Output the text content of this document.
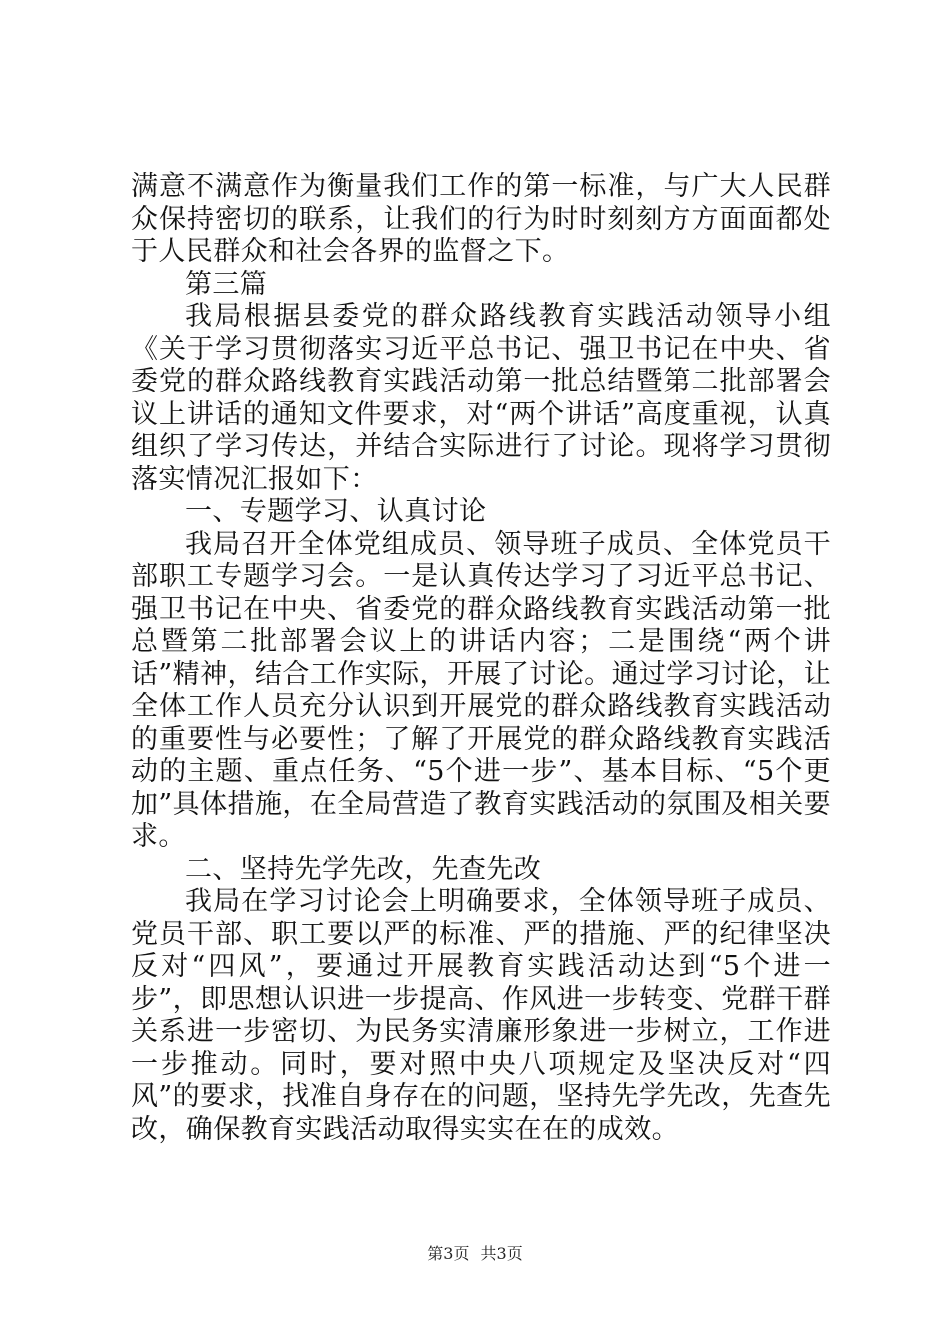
满意不满意作为衡量我们工作的第一标准，与广大人民群众保持密切的联系，让我们的行为时时刻刻方方面面都处于人民群众和社会各界的监督之下。

第三篇

我局根据县委党的群众路线教育实践活动领导小组《关于学习贯彻落实习近平总书记、强卫书记在中央、省委党的群众路线教育实践活动第一批总结暨第二批部署会议上讲话的通知文件要求，对“两个讲话”高度重视，认真组织了学习传达，并结合实际进行了讨论。现将学习贯彻落实情况汇报如下：

一、专题学习、认真讨论

我局召开全体党组成员、领导班子成员、全体党员干部职工专题学习会。一是认真传达学习了习近平总书记、强卫书记在中央、省委党的群众路线教育实践活动第一批总暨第二批部署会议上的讲话内容；二是围绕“两个讲话”精神，结合工作实际，开展了讨论。通过学习讨论，让全体工作人员充分认识到开展党的群众路线教育实践活动的重要性与必要性；了解了开展党的群众路线教育实践活动的主题、重点任务、“5个进一步”、基本目标、“5个更加”具体措施，在全局营造了教育实践活动的氛围及相关要求。

二、坚持先学先改，先查先改

我局在学习讨论会上明确要求，全体领导班子成员、党员干部、职工要以严的标准、严的措施、严的纪律坚决反对“四风”，要通过开展教育实践活动达到“5个进一步”，即思想认识进一步提高、作风进一步转变、党群干群关系进一步密切、为民务实清廉形象进一步树立，工作进一步推动。同时，要对照中央八项规定及坚决反对“四风”的要求，找准自身存在的问题，坚持先学先改，先查先改，确保教育实践活动取得实实在在的成效。

第3页 共3页
